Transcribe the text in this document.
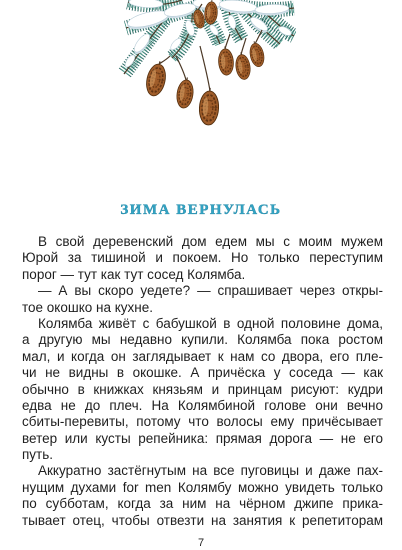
ЗИМА ВЕРНУЛАСЬ
В свой деревенский дом едем мы с моим мужем
Юрой за тишиной и покоем. Но только переступим
порог — тут как тут сосед Колямба.
— А вы скоро уедете? — спрашивает через откры-
тое окошко на кухне.
Колямба живёт с бабушкой в одной половине дома,
а другую мы недавно купили. Колямба пока ростом
мал, и когда он заглядывает к нам со двора, его пле-
чи не видны в окошке. А причёска у соседа — как
обычно в книжках князьям и принцам рисуют: кудри
едва не до плеч. На Колямбиной голове они вечно
сбиты-перевиты, потому что волосы ему причёсывает
ветер или кусты репейника: прямая дорога — не его
путь.
Аккуратно застёгнутым на все пуговицы и даже пах-
нущим духами for men Колямбу можно увидеть только
по субботам, когда за ним на чёрном джипе прика-
тывает отец, чтобы отвезти на занятия к репетиторам
7
